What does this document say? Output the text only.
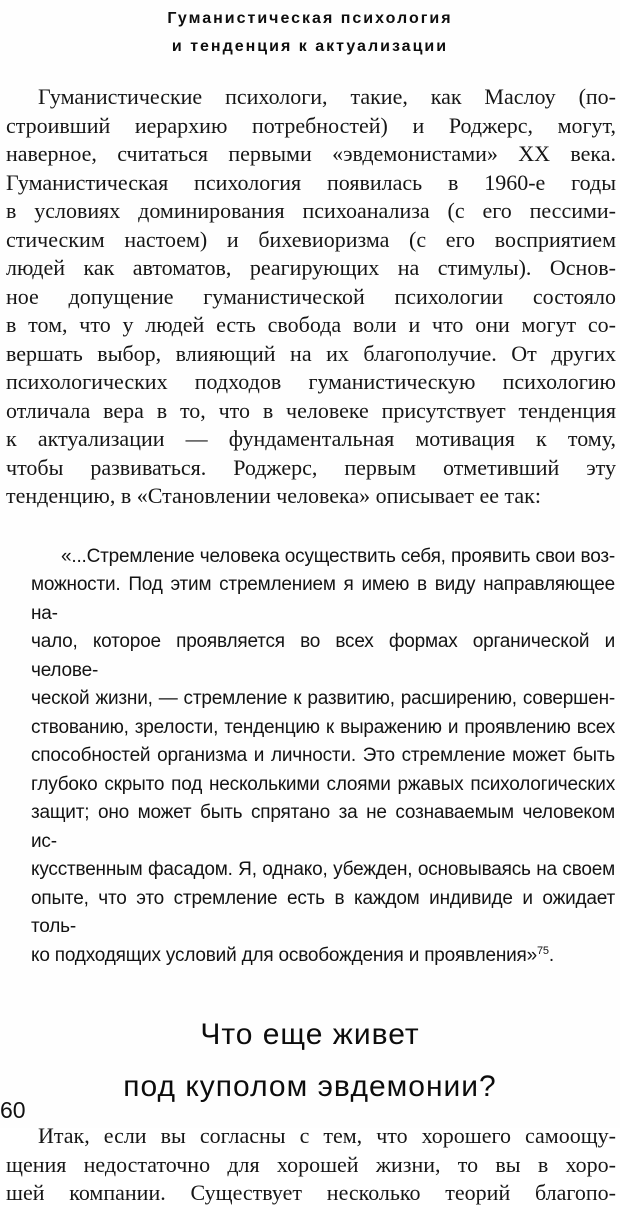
Гуманистическая психология
и тенденция к актуализации
Гуманистические психологи, такие, как Маслоу (по-
строивший иерархию потребностей) и Роджерс, могут,
наверное, считаться первыми «эвдемонистами» XX века.
Гуманистическая психология появилась в 1960-е годы
в условиях доминирования психоанализа (с его пессими-
стическим настоем) и бихевиоризма (с его восприятием
людей как автоматов, реагирующих на стимулы). Основ-
ное допущение гуманистической психологии состояло
в том, что у людей есть свобода воли и что они могут со-
вершать выбор, влияющий на их благополучие. От других
психологических подходов гуманистическую психологию
отличала вера в то, что в человеке присутствует тенденция
к актуализации — фундаментальная мотивация к тому,
чтобы развиваться. Роджерс, первым отметивший эту
тенденцию, в «Становлении человека» описывает ее так:
«...Стремление человека осуществить себя, проявить свои воз-
можности. Под этим стремлением я имею в виду направляющее на-
чало, которое проявляется во всех формах органической и челове-
ческой жизни, — стремление к развитию, расширению, совершен-
ствованию, зрелости, тенденцию к выражению и проявлению всех
способностей организма и личности. Это стремление может быть
глубоко скрыто под несколькими слоями ржавых психологических
защит; оно может быть спрятано за не сознаваемым человеком ис-
кусственным фасадом. Я, однако, убежден, основываясь на своем
опыте, что это стремление есть в каждом индивиде и ожидает толь-
ко подходящих условий для освобождения и проявления»$^{75}$.
Что еще живет
под куполом эвдемонии?
Итак, если вы согласны с тем, что хорошего самоощу-
щения недостаточно для хорошей жизни, то вы в хоро-
шей компании. Существует несколько теорий благопо-
60
